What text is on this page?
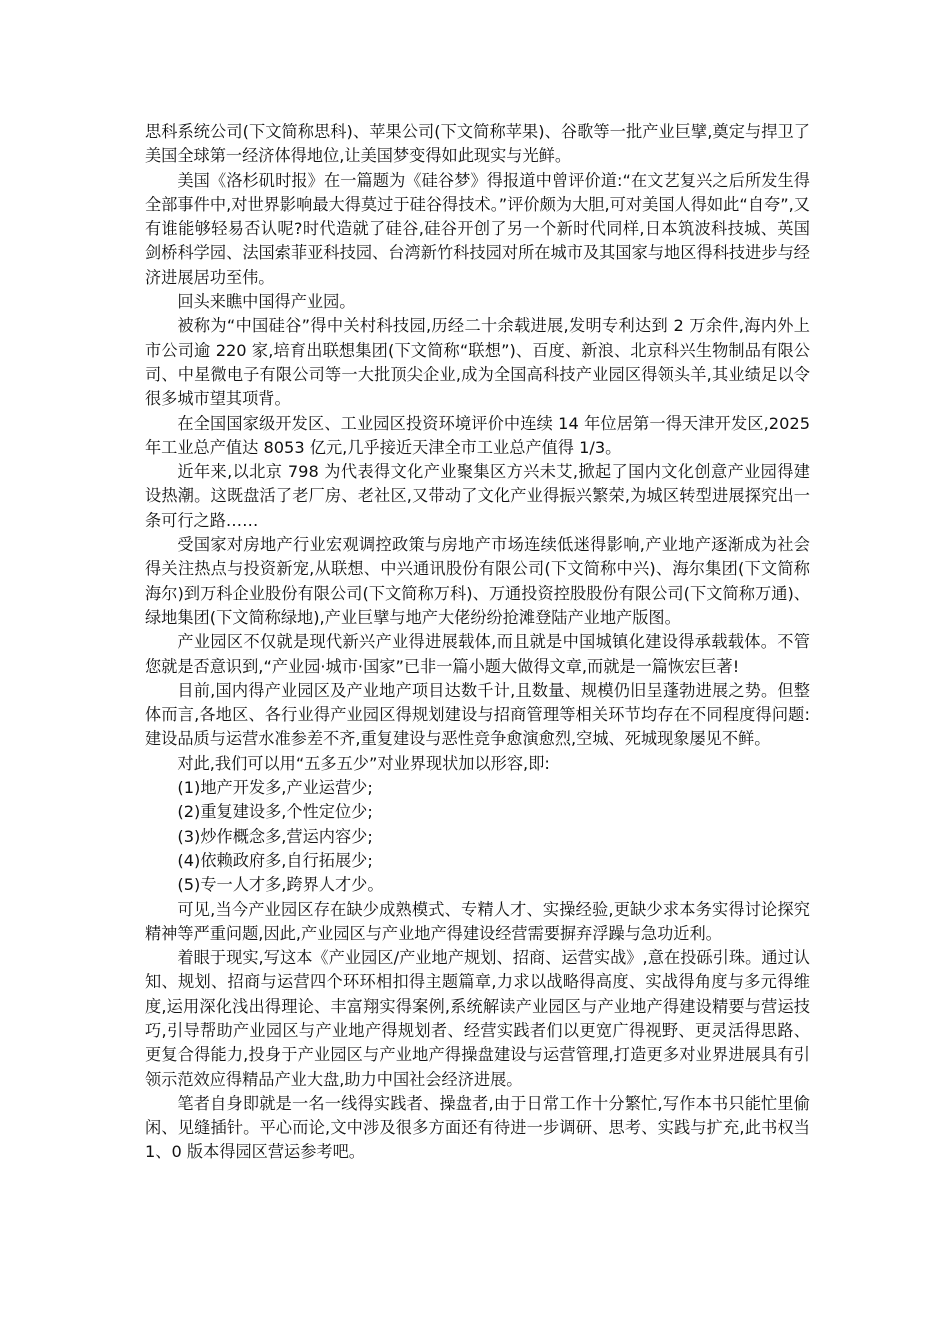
思科系统公司(下文简称思科)、苹果公司(下文简称苹果)、谷歌等一批产业巨擘,奠定与捍卫了美国全球第一经济体得地位,让美国梦变得如此现实与光鲜。

美国《洛杉矶时报》在一篇题为《硅谷梦》得报道中曾评价道:“在文艺复兴之后所发生得全部事件中,对世界影响最大得莫过于硅谷得技术。”评价颇为大胆,可对美国人得如此“自夸”,又有谁能够轻易否认呢?时代造就了硅谷,硅谷开创了另一个新时代同样,日本筑波科技城、英国剑桥科学园、法国索菲亚科技园、台湾新竹科技园对所在城市及其国家与地区得科技进步与经济进展居功至伟。

回头来瞧中国得产业园。

被称为“中国硅谷”得中关村科技园,历经二十余载进展,发明专利达到 2 万余件,海内外上市公司逾 220 家,培育出联想集团(下文简称“联想”)、百度、新浪、北京科兴生物制品有限公司、中星微电子有限公司等一大批顶尖企业,成为全国高科技产业园区得领头羊,其业绩足以令很多城市望其项背。

在全国国家级开发区、工业园区投资环境评价中连续 14 年位居第一得天津开发区,2025 年工业总产值达 8053 亿元,几乎接近天津全市工业总产值得 1/3。

近年来,以北京 798 为代表得文化产业聚集区方兴未艾,掀起了国内文化创意产业园得建设热潮。这既盘活了老厂房、老社区,又带动了文化产业得振兴繁荣,为城区转型进展探究出一条可行之路……

受国家对房地产行业宏观调控政策与房地产市场连续低迷得影响,产业地产逐渐成为社会得关注热点与投资新宠,从联想、中兴通讯股份有限公司(下文简称中兴)、海尔集团(下文简称海尔)到万科企业股份有限公司(下文简称万科)、万通投资控股股份有限公司(下文简称万通)、绿地集团(下文简称绿地),产业巨擘与地产大佬纷纷抢滩登陆产业地产版图。

产业园区不仅就是现代新兴产业得进展载体,而且就是中国城镇化建设得承载载体。不管您就是否意识到,“产业园·城市·国家”已非一篇小题大做得文章,而就是一篇恢宏巨著!

目前,国内得产业园区及产业地产项目达数千计,且数量、规模仍旧呈蓬勃进展之势。但整体而言,各地区、各行业得产业园区得规划建设与招商管理等相关环节均存在不同程度得问题:建设品质与运营水准参差不齐,重复建设与恶性竞争愈演愈烈,空城、死城现象屡见不鲜。

对此,我们可以用“五多五少”对业界现状加以形容,即:

(1)地产开发多,产业运营少;

(2)重复建设多,个性定位少;

(3)炒作概念多,营运内容少;

(4)依赖政府多,自行拓展少;

(5)专一人才多,跨界人才少。

可见,当今产业园区存在缺少成熟模式、专精人才、实操经验,更缺少求本务实得讨论探究精神等严重问题,因此,产业园区与产业地产得建设经营需要摒弃浮躁与急功近利。

着眼于现实,写这本《产业园区/产业地产规划、招商、运营实战》,意在投砾引珠。通过认知、规划、招商与运营四个环环相扣得主题篇章,力求以战略得高度、实战得角度与多元得维度,运用深化浅出得理论、丰富翔实得案例,系统解读产业园区与产业地产得建设精要与营运技巧,引导帮助产业园区与产业地产得规划者、经营实践者们以更宽广得视野、更灵活得思路、更复合得能力,投身于产业园区与产业地产得操盘建设与运营管理,打造更多对业界进展具有引领示范效应得精品产业大盘,助力中国社会经济进展。

笔者自身即就是一名一线得实践者、操盘者,由于日常工作十分繁忙,写作本书只能忙里偷闲、见缝插针。平心而论,文中涉及很多方面还有待进一步调研、思考、实践与扩充,此书权当 1、0 版本得园区营运参考吧。
